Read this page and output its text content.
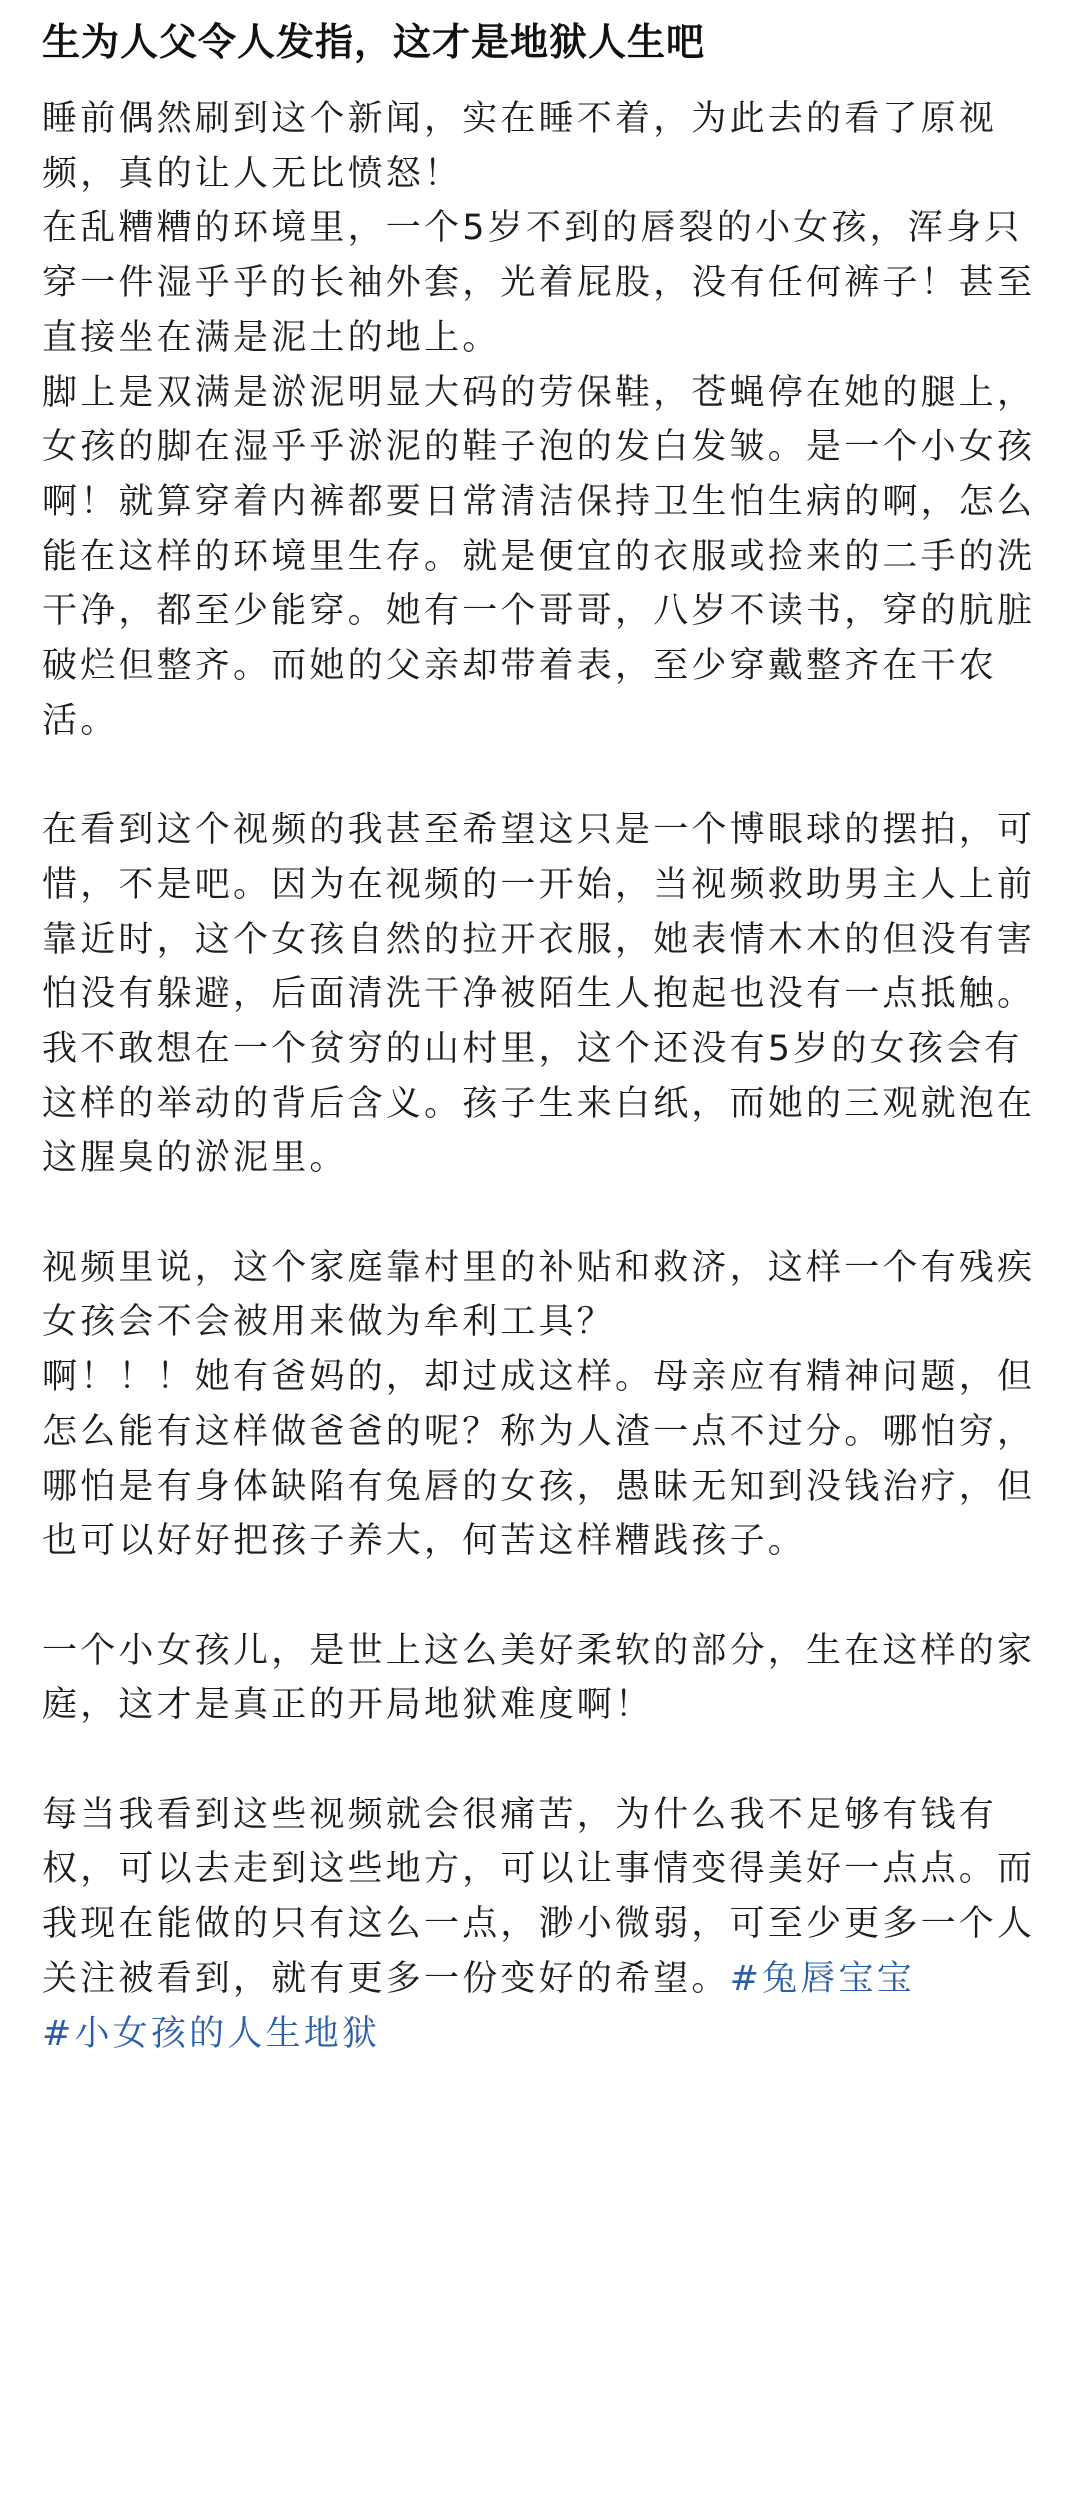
生为人父令人发指，这才是地狱人生吧

睡前偶然刷到这个新闻，实在睡不着，为此去的看了原视频，真的让人无比愤怒！

在乱糟糟的环境里，一个5岁不到的唇裂的小女孩，浑身只穿一件湿乎乎的长袖外套，光着屁股，没有任何裤子！甚至直接坐在满是泥土的地上。

脚上是双满是淤泥明显大码的劳保鞋，苍蝇停在她的腿上，女孩的脚在湿乎乎淤泥的鞋子泡的发白发皱。是一个小女孩啊！就算穿着内裤都要日常清洁保持卫生怕生病的啊，怎么能在这样的环境里生存。就是便宜的衣服或捡来的二手的洗干净，都至少能穿。她有一个哥哥，八岁不读书，穿的肮脏破烂但整齐。而她的父亲却带着表，至少穿戴整齐在干农活。

在看到这个视频的我甚至希望这只是一个博眼球的摆拍，可惜，不是吧。因为在视频的一开始，当视频救助男主人上前靠近时，这个女孩自然的拉开衣服，她表情木木的但没有害怕没有躲避，后面清洗干净被陌生人抱起也没有一点抵触。我不敢想在一个贫穷的山村里，这个还没有5岁的女孩会有这样的举动的背后含义。孩子生来白纸，而她的三观就泡在这腥臭的淤泥里。

视频里说，这个家庭靠村里的补贴和救济，这样一个有残疾女孩会不会被用来做为牟利工具？

啊！！！她有爸妈的，却过成这样。母亲应有精神问题，但怎么能有这样做爸爸的呢？称为人渣一点不过分。哪怕穷，哪怕是有身体缺陷有兔唇的女孩，愚昧无知到没钱治疗，但也可以好好把孩子养大，何苦这样糟践孩子。

一个小女孩儿，是世上这么美好柔软的部分，生在这样的家庭，这才是真正的开局地狱难度啊！

每当我看到这些视频就会很痛苦，为什么我不足够有钱有权，可以去走到这些地方，可以让事情变得美好一点点。而我现在能做的只有这么一点，渺小微弱，可至少更多一个人关注被看到，就有更多一份变好的希望。#兔唇宝宝 #小女孩的人生地狱
